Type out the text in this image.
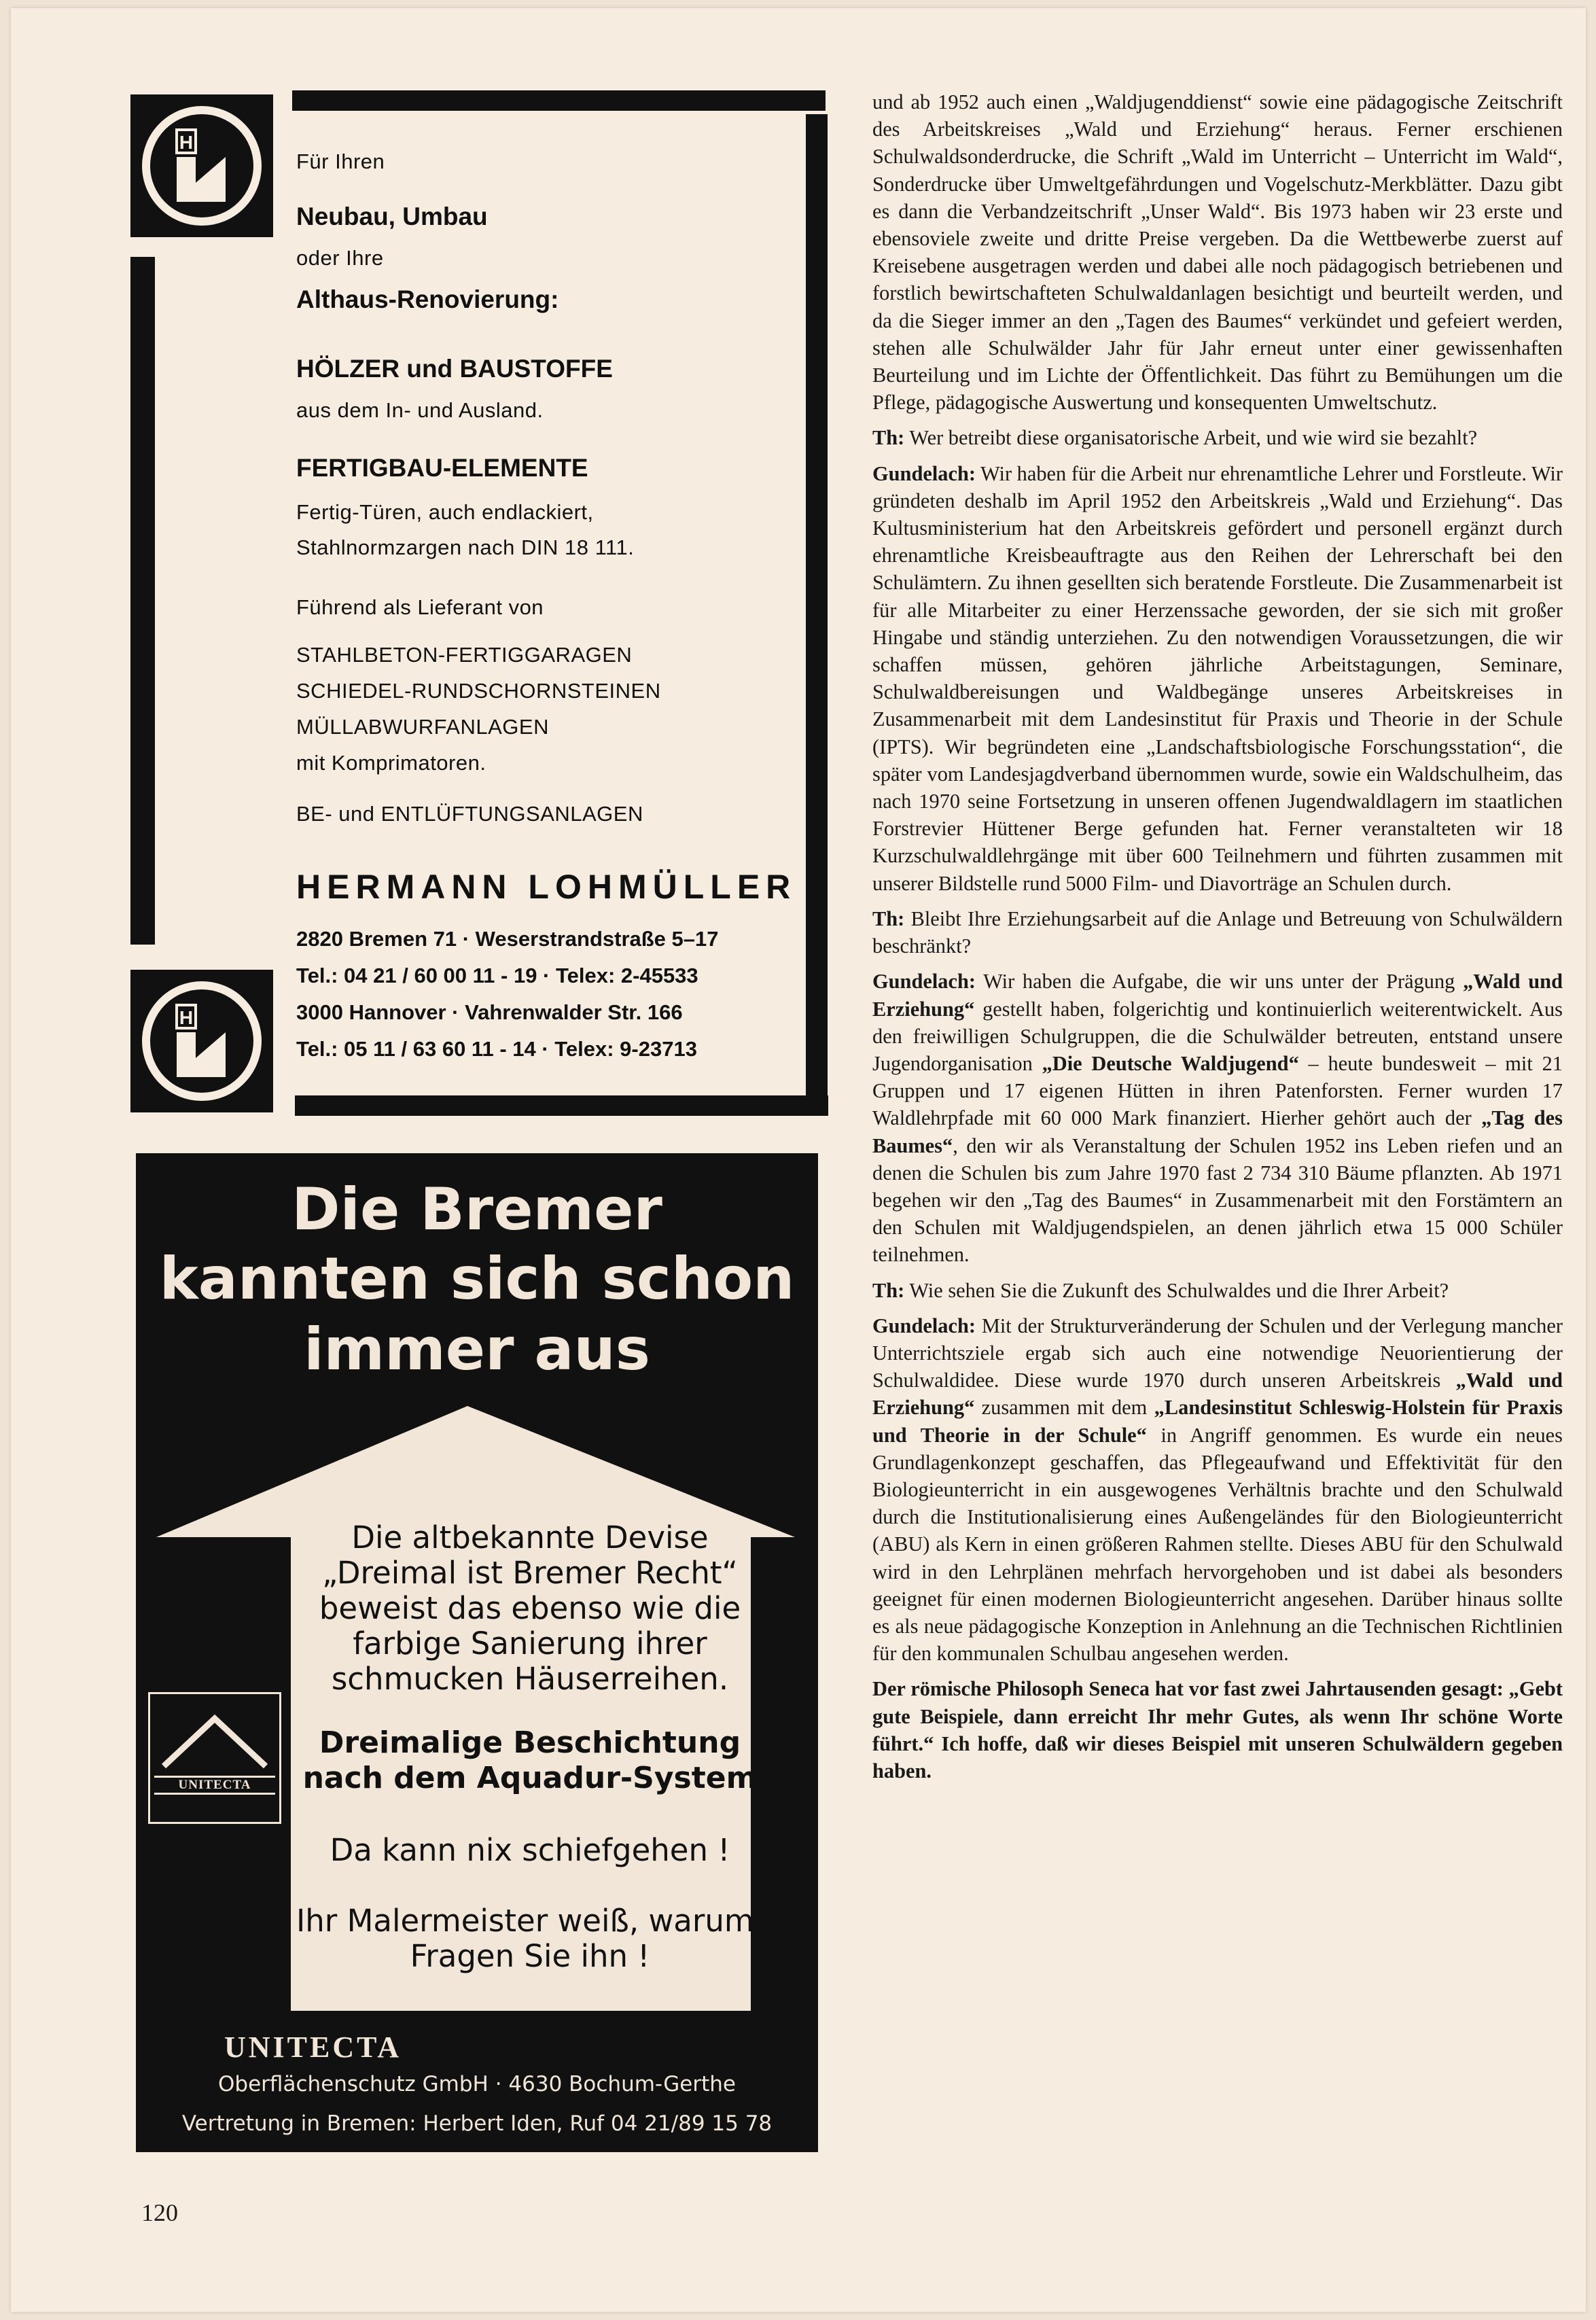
H
H
Für Ihren
Neubau, Umbau
oder Ihre
Althaus-Renovierung:
HÖLZER und BAUSTOFFE
aus dem In- und Ausland.
FERTIGBAU-ELEMENTE
Fertig-Türen, auch endlackiert,
Stahlnormzargen nach DIN 18 111.
Führend als Lieferant von
STAHLBETON-FERTIGGARAGEN
SCHIEDEL-RUNDSCHORNSTEINEN
MÜLLABWURFANLAGEN
mit Komprimatoren.
BE- und ENTLÜFTUNGSANLAGEN
HERMANN LOHMÜLLER
2820 Bremen 71 · Weserstrandstraße 5–17
Tel.: 04 21 / 60 00 11 - 19 · Telex: 2-45533
3000 Hannover · Vahrenwalder Str. 166
Tel.: 05 11 / 63 60 11 - 14 · Telex: 9-23713
Die Bremer
kannten sich schon
immer aus
Die altbekannte Devise
„Dreimal ist Bremer Recht“
beweist das ebenso wie die
farbige Sanierung ihrer
schmucken Häuserreihen.
Dreimalige Beschichtung
nach dem Aquadur-System
Da kann nix schiefgehen !
Ihr Malermeister weiß, warum.
Fragen Sie ihn !
UNITECTA
UNITECTA
Oberflächenschutz GmbH · 4630 Bochum-Gerthe
Vertretung in Bremen: Herbert Iden, Ruf 04 21/89 15 78

und ab 1952 auch einen „Waldjugenddienst“ sowie eine pädagogische Zeitschrift des Arbeitskreises „Wald und Erziehung“ heraus. Ferner erschienen Schulwaldsonderdrucke, die Schrift „Wald im Unterricht – Unterricht im Wald“, Sonderdrucke über Umweltgefährdungen und Vogelschutz-Merkblätter. Dazu gibt es dann die Verbandzeitschrift „Unser Wald“. Bis 1973 haben wir 23 erste und ebensoviele zweite und dritte Preise vergeben. Da die Wettbewerbe zuerst auf Kreisebene ausgetragen werden und dabei alle noch pädagogisch betriebenen und forstlich bewirtschafteten Schulwaldanlagen besichtigt und beurteilt werden, und da die Sieger immer an den „Tagen des Baumes“ verkündet und gefeiert werden, stehen alle Schulwälder Jahr für Jahr erneut unter einer gewissenhaften Beurteilung und im Lichte der Öffentlichkeit. Das führt zu Bemühungen um die Pflege, pädagogische Auswertung und konsequenten Umweltschutz.

Th: Wer betreibt diese organisatorische Arbeit, und wie wird sie bezahlt?

Gundelach: Wir haben für die Arbeit nur ehrenamtliche Lehrer und Forstleute. Wir gründeten deshalb im April 1952 den Arbeitskreis „Wald und Erziehung“. Das Kultusministerium hat den Arbeitskreis gefördert und personell ergänzt durch ehrenamtliche Kreisbeauftragte aus den Reihen der Lehrerschaft bei den Schulämtern. Zu ihnen gesellten sich beratende Forstleute. Die Zusammenarbeit ist für alle Mitarbeiter zu einer Herzenssache geworden, der sie sich mit großer Hingabe und ständig unterziehen. Zu den notwendigen Voraussetzungen, die wir schaffen müssen, gehören jährliche Arbeitstagungen, Seminare, Schulwaldbereisungen und Waldbegänge unseres Arbeitskreises in Zusammenarbeit mit dem Landesinstitut für Praxis und Theorie in der Schule (IPTS). Wir begründeten eine „Landschaftsbiologische Forschungsstation“, die später vom Landesjagdverband übernommen wurde, sowie ein Waldschulheim, das nach 1970 seine Fortsetzung in unseren offenen Jugendwaldlagern im staatlichen Forstrevier Hüttener Berge gefunden hat. Ferner veranstalteten wir 18 Kurzschulwaldlehrgänge mit über 600 Teilnehmern und führten zusammen mit unserer Bildstelle rund 5000 Film- und Diavorträge an Schulen durch.

Th: Bleibt Ihre Erziehungsarbeit auf die Anlage und Betreuung von Schulwäldern beschränkt?

Gundelach: Wir haben die Aufgabe, die wir uns unter der Prägung „Wald und Erziehung“ gestellt haben, folgerichtig und kontinuierlich weiterentwickelt. Aus den freiwilligen Schulgruppen, die die Schulwälder betreuten, entstand unsere Jugendorganisation „Die Deutsche Waldjugend“ – heute bundesweit – mit 21 Gruppen und 17 eigenen Hütten in ihren Patenforsten. Ferner wurden 17 Waldlehrpfade mit 60 000 Mark finanziert. Hierher gehört auch der „Tag des Baumes“, den wir als Veranstaltung der Schulen 1952 ins Leben riefen und an denen die Schulen bis zum Jahre 1970 fast 2 734 310 Bäume pflanzten. Ab 1971 begehen wir den „Tag des Baumes“ in Zusammenarbeit mit den Forstämtern an den Schulen mit Waldjugendspielen, an denen jährlich etwa 15 000 Schüler teilnehmen.

Th: Wie sehen Sie die Zukunft des Schulwaldes und die Ihrer Arbeit?

Gundelach: Mit der Strukturveränderung der Schulen und der Verlegung mancher Unterrichtsziele ergab sich auch eine notwendige Neuorientierung der Schulwaldidee. Diese wurde 1970 durch unseren Arbeitskreis „Wald und Erziehung“ zusammen mit dem „Landesinstitut Schleswig-Holstein für Praxis und Theorie in der Schule“ in Angriff genommen. Es wurde ein neues Grundlagenkonzept geschaffen, das Pflegeaufwand und Effektivität für den Biologieunterricht in ein ausgewogenes Verhältnis brachte und den Schulwald durch die Institutionalisierung eines Außengeländes für den Biologieunterricht (ABU) als Kern in einen größeren Rahmen stellte. Dieses ABU für den Schulwald wird in den Lehrplänen mehrfach hervorgehoben und ist dabei als besonders geeignet für einen modernen Biologieunterricht angesehen. Darüber hinaus sollte es als neue pädagogische Konzeption in Anlehnung an die Technischen Richtlinien für den kommunalen Schulbau angesehen werden.

Der römische Philosoph Seneca hat vor fast zwei Jahrtausenden gesagt: „Gebt gute Beispiele, dann erreicht Ihr mehr Gutes, als wenn Ihr schöne Worte führt.“ Ich hoffe, daß wir dieses Beispiel mit unseren Schulwäldern gegeben haben.

120
